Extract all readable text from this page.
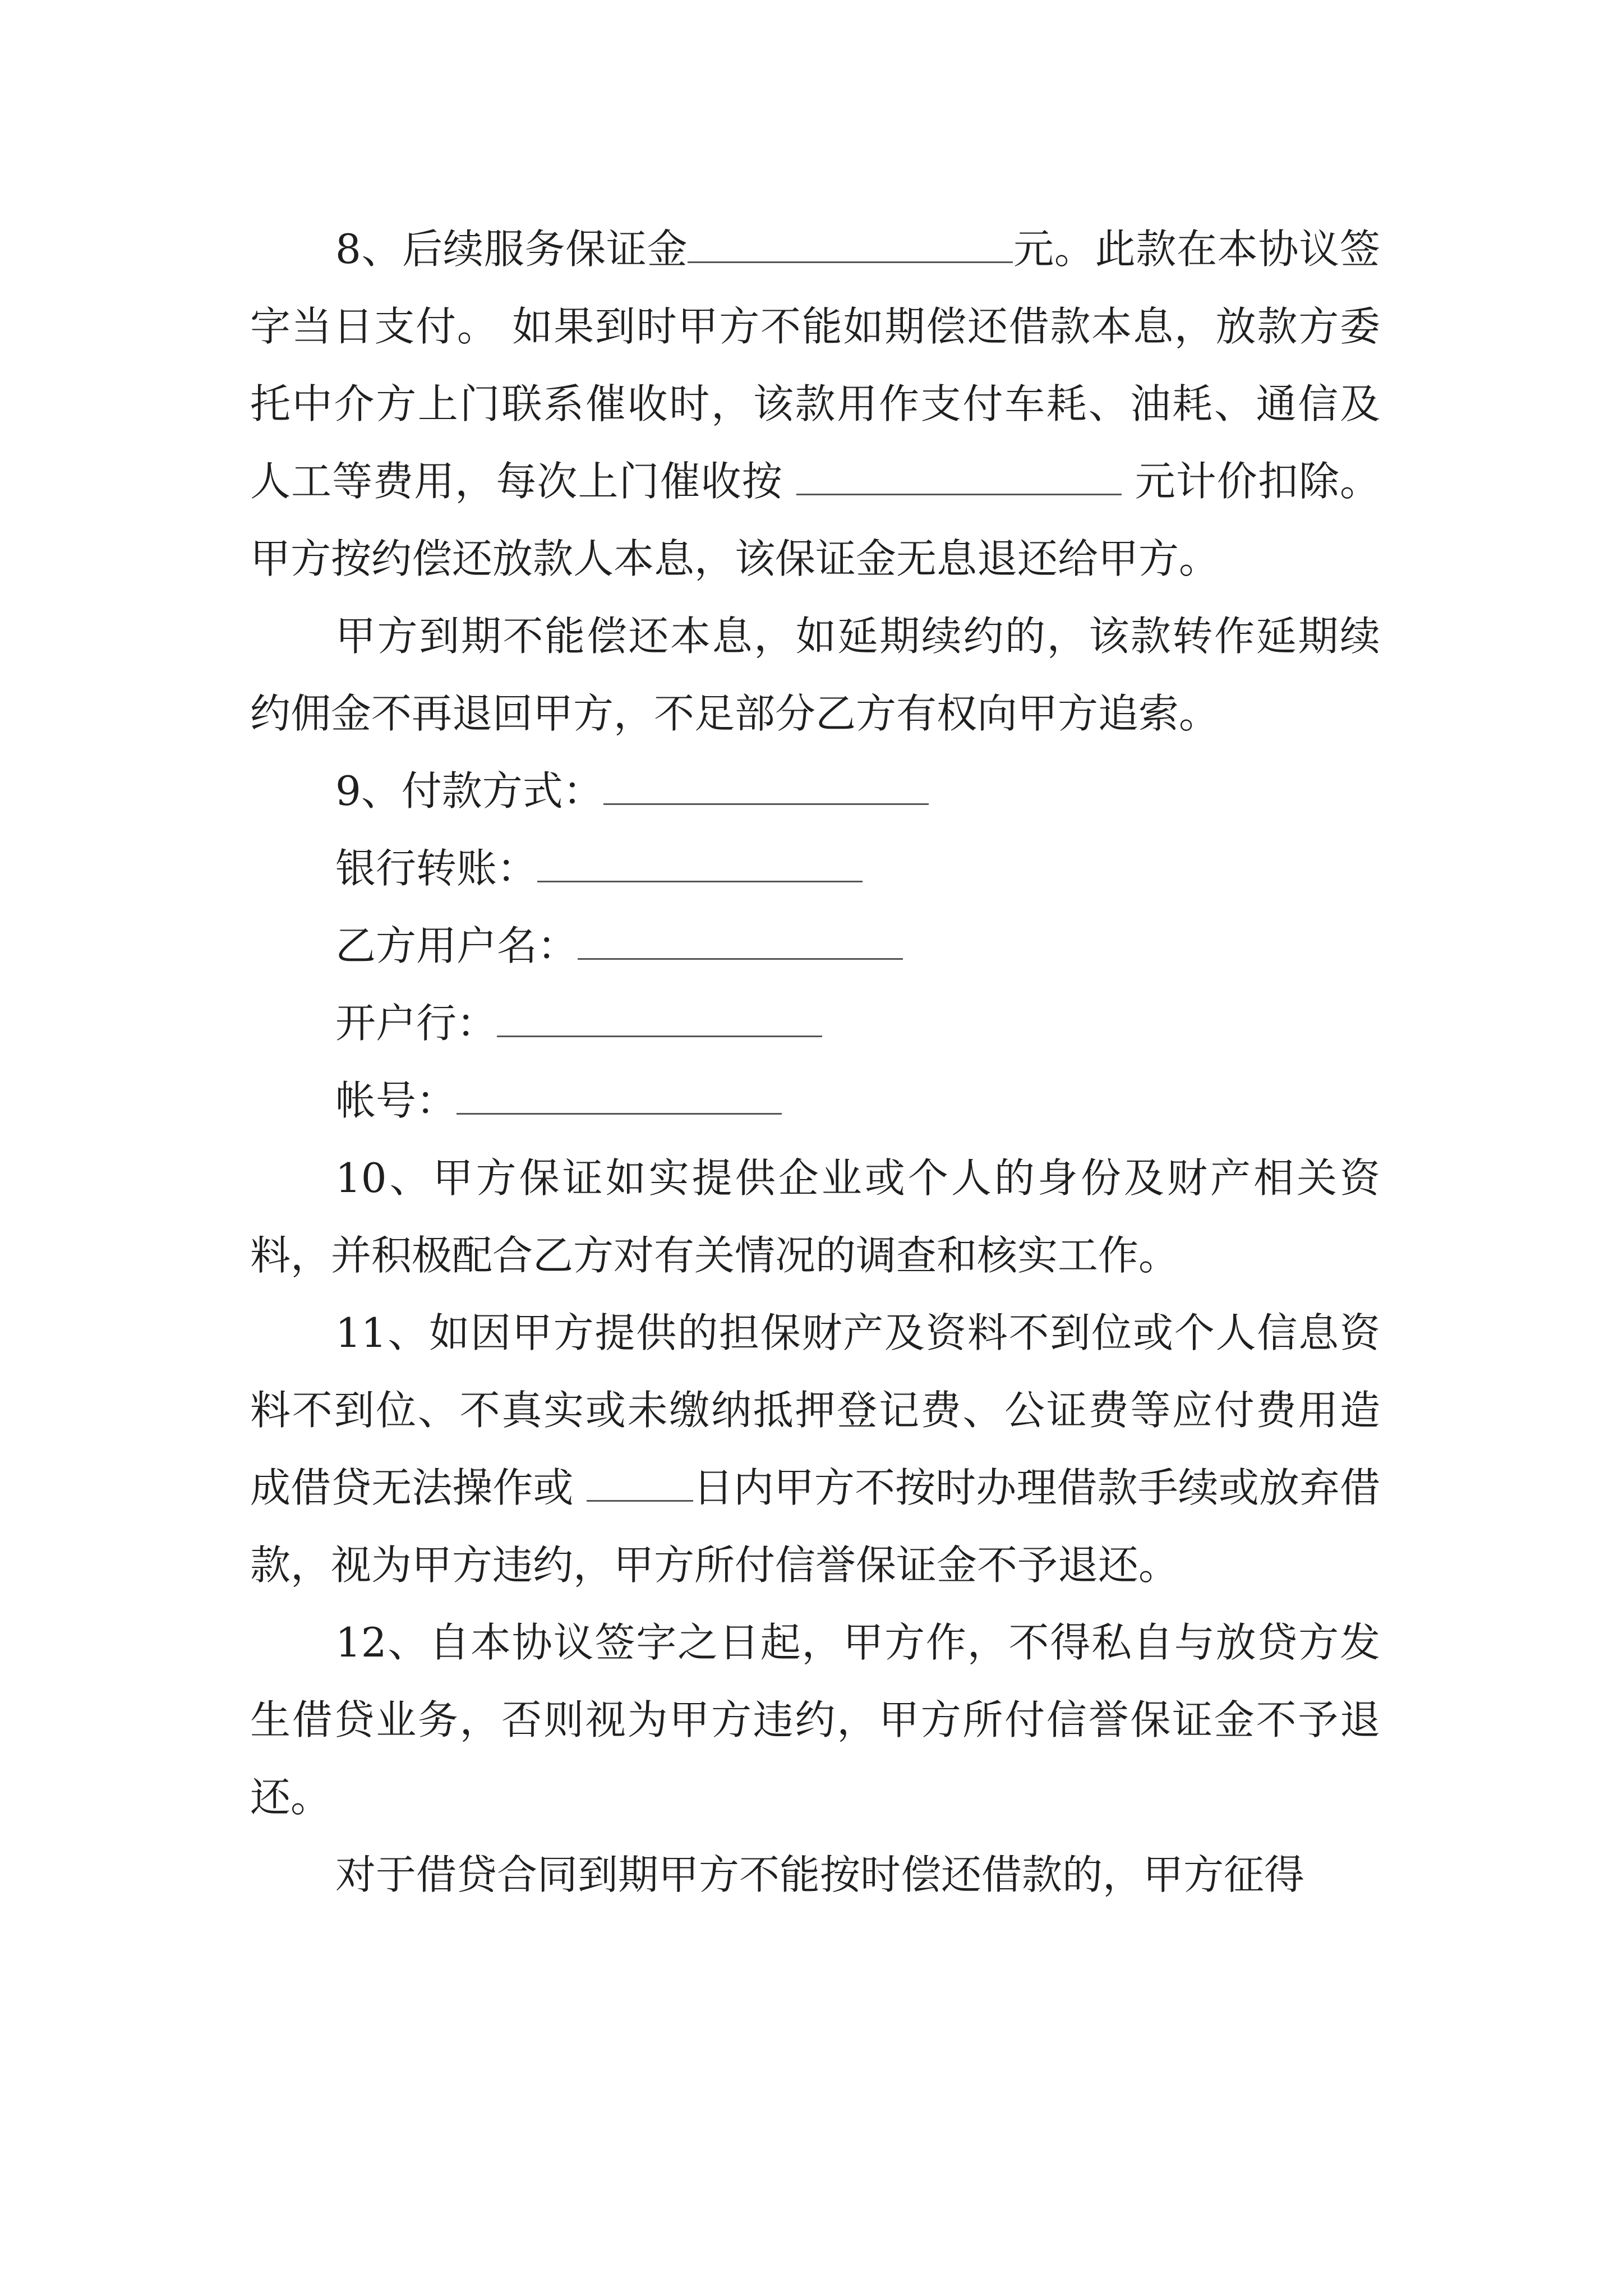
8、后续服务保证金	元。此款在本协议签字当日支付。 如果到时甲方不能如期偿还借款本息，放款方委托中介方上门联系催收时，该款用作支付车耗、油耗、通信及人工等费用，每次上门催收按	元计价扣除。甲方按约偿还放款人本息，该保证金无息退还给甲方。

甲方到期不能偿还本息，如延期续约的，该款转作延期续约佣金不再退回甲方，不足部分乙方有权向甲方追索。

9、付款方式：

银行转账：

乙方用户名：

开户行：

帐号：

10、甲方保证如实提供企业或个人的身份及财产相关资料，并积极配合乙方对有关情况的调查和核实工作。

11、如因甲方提供的担保财产及资料不到位或个人信息资料不到位、不真实或未缴纳抵押登记费、公证费等应付费用造成借贷无法操作或	日内甲方不按时办理借款手续或放弃借款，视为甲方违约，甲方所付信誉保证金不予退还。

12、自本协议签字之日起，甲方作，不得私自与放贷方发生借贷业务，否则视为甲方违约，甲方所付信誉保证金不予退还。

对于借贷合同到期甲方不能按时偿还借款的，甲方征得
